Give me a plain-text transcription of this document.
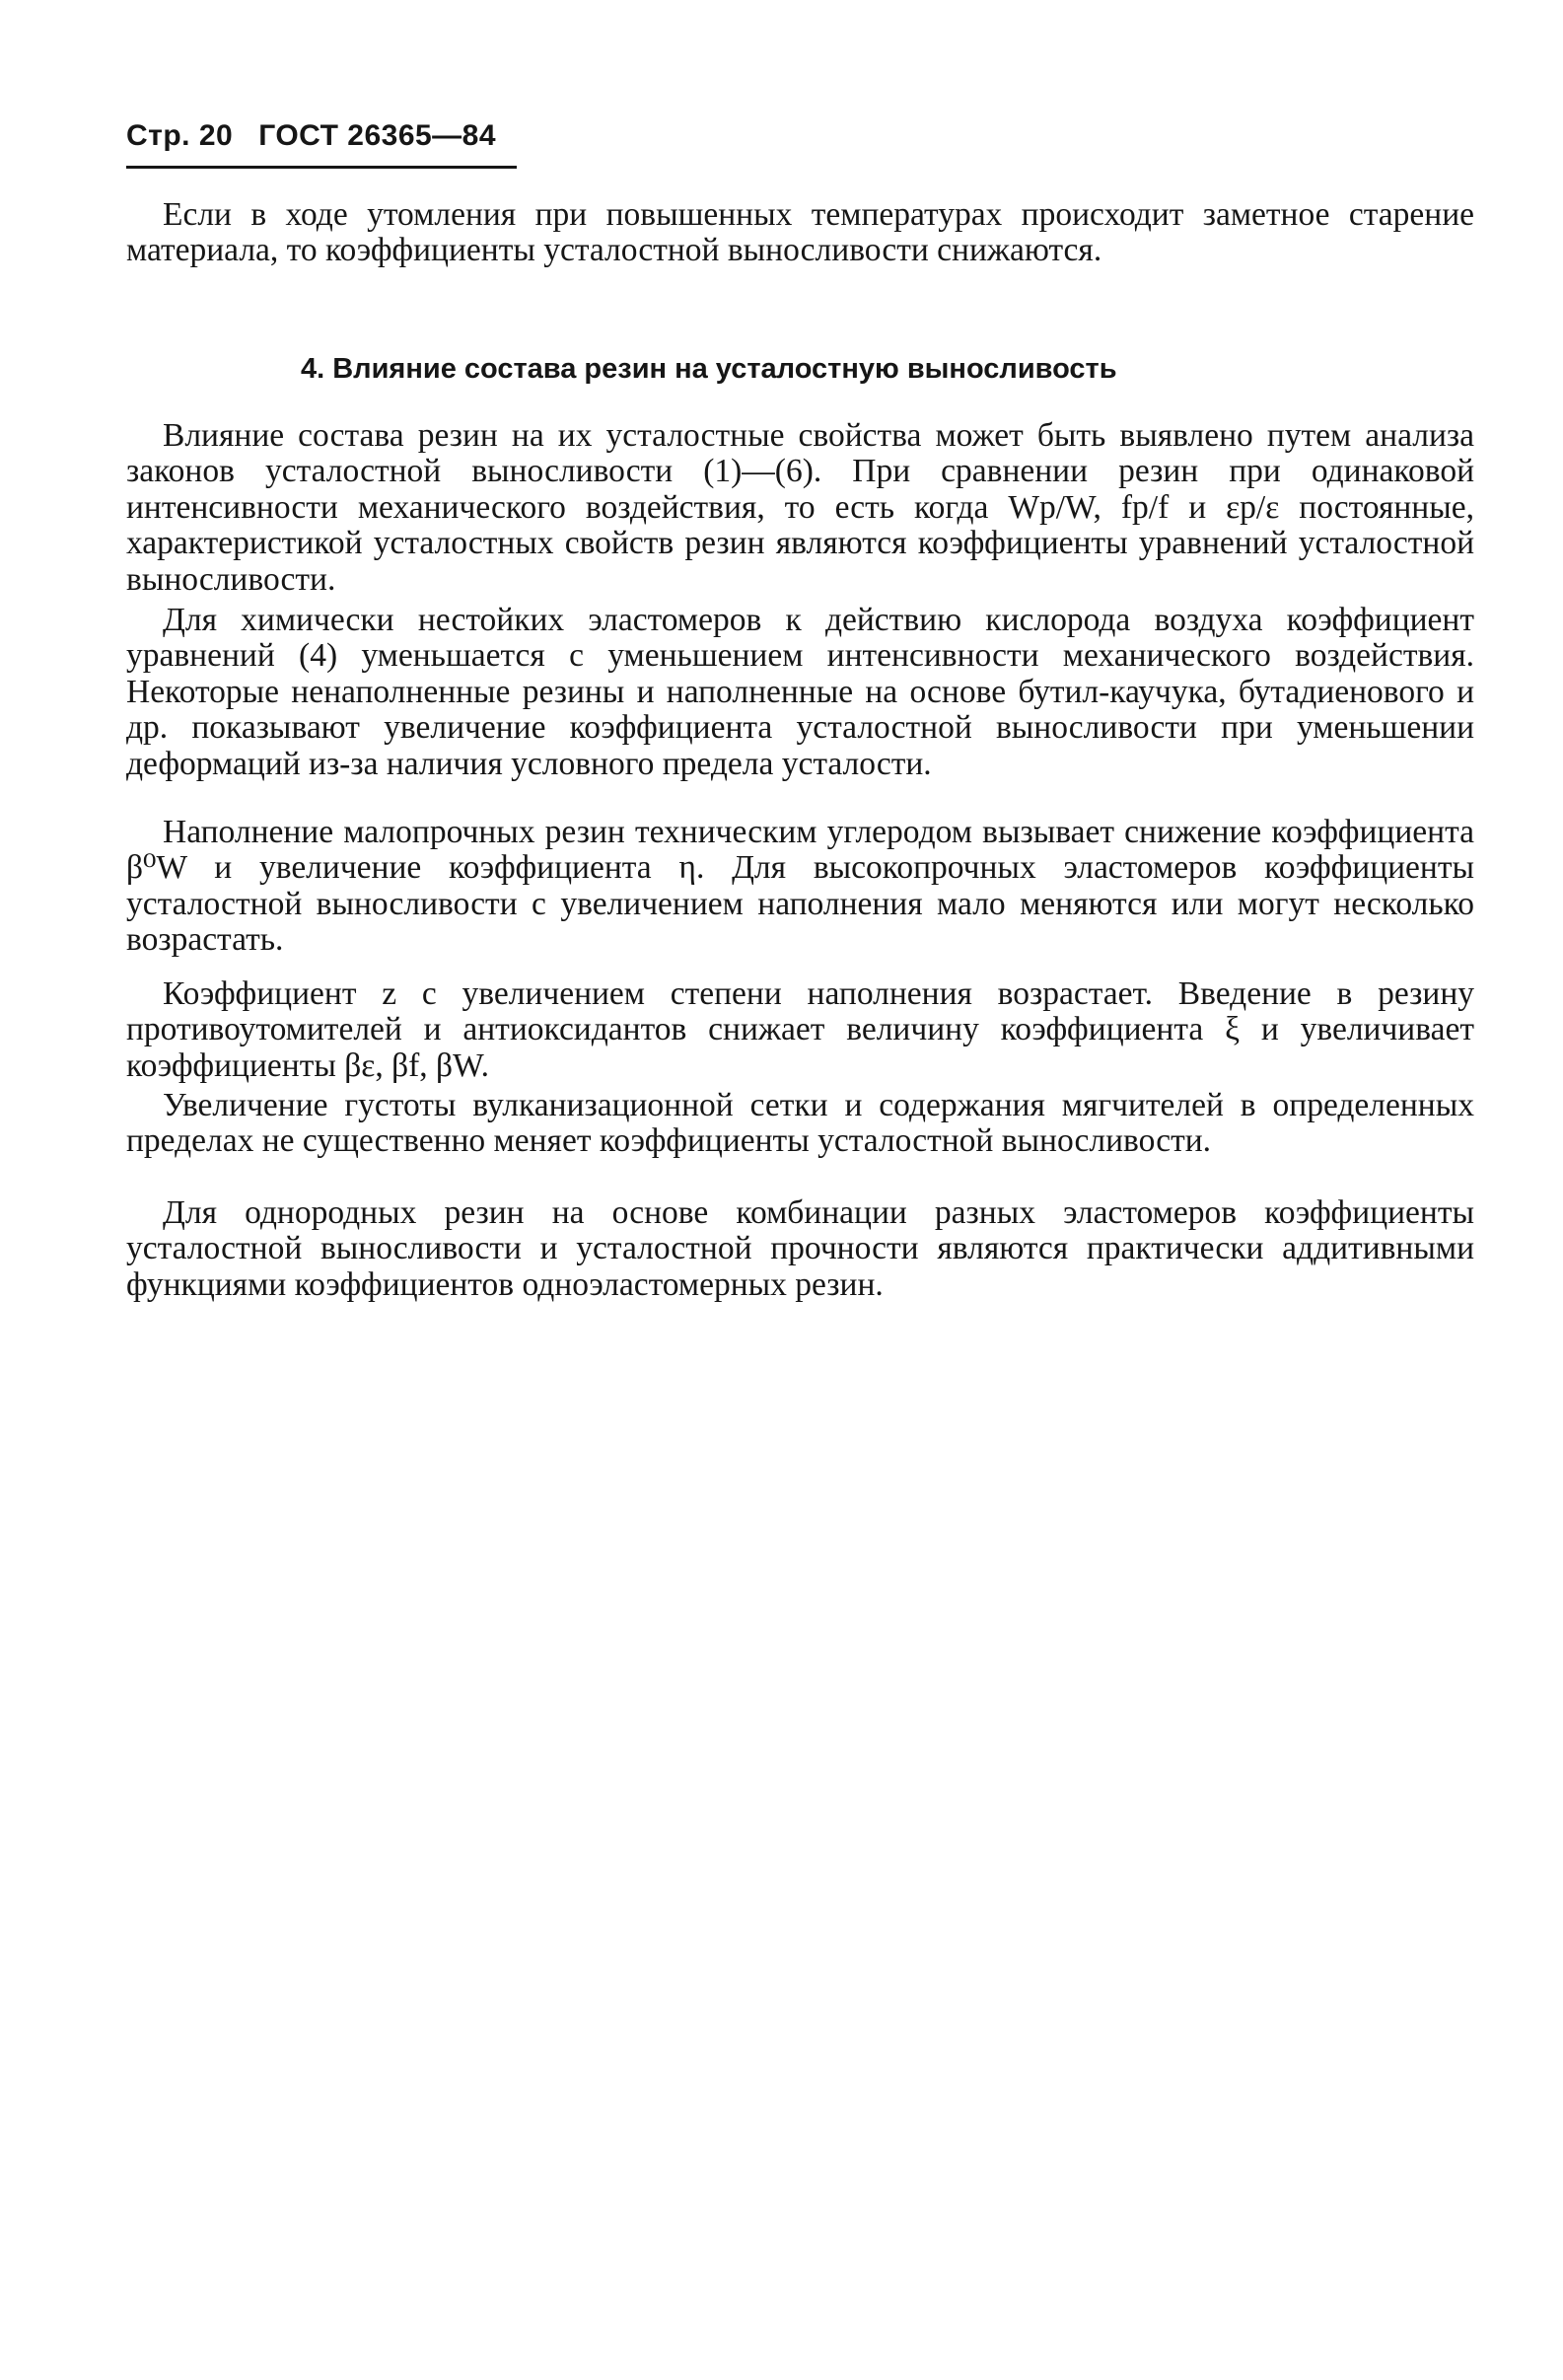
Стр. 20 ГОСТ 26365—84

Если в ходе утомления при повышенных температурах происходит заметное старение материала, то коэффициенты усталостной выносливости снижаются.

4. Влияние состава резин на усталостную выносливость

Влияние состава резин на их усталостные свойства может быть выявлено путем анализа законов усталостной выносливости (1)—(6). При сравнении резин при одинаковой интенсивности механического воздействия, то есть когда Wp/W, fp/f и εp/ε постоянные, характеристикой усталостных свойств резин являются коэффициенты уравнений усталостной выносливости.

Для химически нестойких эластомеров к действию кислорода воздуха коэффициент уравнений (4) уменьшается с уменьшением интенсивности механического воздействия. Некоторые ненаполненные резины и наполненные на основе бутил-каучука, бутадиенового и др. показывают увеличение коэффициента усталостной выносливости при уменьшении деформаций из-за наличия условного предела усталости.

Наполнение малопрочных резин техническим углеродом вызывает снижение коэффициента β⁰W и увеличение коэффициента η. Для высокопрочных эластомеров коэффициенты усталостной выносливости с увеличением наполнения мало меняются или могут несколько возрастать.

Коэффициент z с увеличением степени наполнения возрастает. Введение в резину противоутомителей и антиоксидантов снижает величину коэффициента ξ и увеличивает коэффициенты βε, βf, βW.

Увеличение густоты вулканизационной сетки и содержания мягчителей в определенных пределах не существенно меняет коэффициенты усталостной выносливости.

Для однородных резин на основе комбинации разных эластомеров коэффициенты усталостной выносливости и усталостной прочности являются практически аддитивными функциями коэффициентов одноэластомерных резин.
